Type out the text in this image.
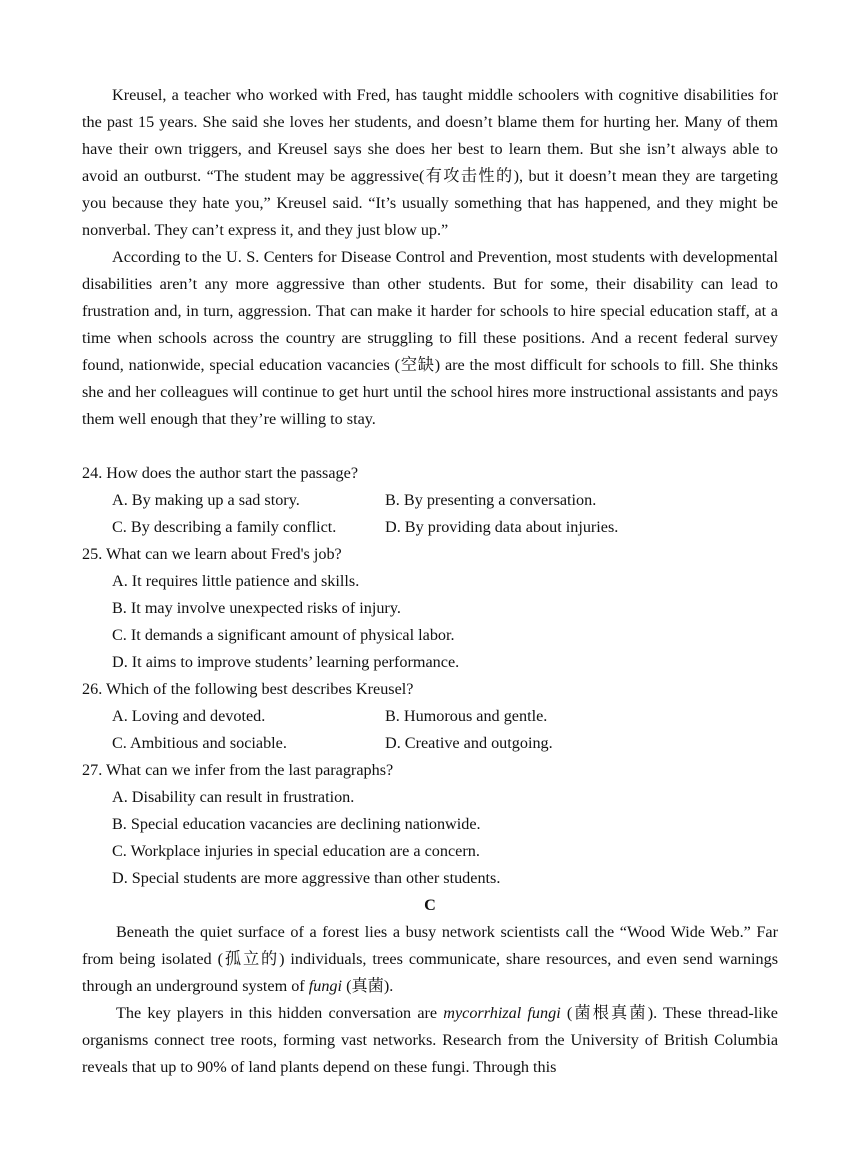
Kreusel, a teacher who worked with Fred, has taught middle schoolers with cognitive disabilities for the past 15 years. She said she loves her students, and doesn’t blame them for hurting her. Many of them have their own triggers, and Kreusel says she does her best to learn them. But she isn’t always able to avoid an outburst. “The student may be aggressive(有攻击性的), but it doesn’t mean they are targeting you because they hate you,” Kreusel said. “It’s usually something that has happened, and they might be nonverbal. They can’t express it, and they just blow up.”

According to the U. S. Centers for Disease Control and Prevention, most students with developmental disabilities aren’t any more aggressive than other students. But for some, their disability can lead to frustration and, in turn, aggression. That can make it harder for schools to hire special education staff, at a time when schools across the country are struggling to fill these positions. And a recent federal survey found, nationwide, special education vacancies (空缺) are the most difficult for schools to fill. She thinks she and her colleagues will continue to get hurt until the school hires more instructional assistants and pays them well enough that they’re willing to stay.

24. How does the author start the passage?
A. By making up a sad story.	B. By presenting a conversation.
C. By describing a family conflict.	D. By providing data about injuries.
25. What can we learn about Fred's job?
A. It requires little patience and skills.
B. It may involve unexpected risks of injury.
C. It demands a significant amount of physical labor.
D. It aims to improve students’ learning performance.
26. Which of the following best describes Kreusel?
A. Loving and devoted.	B. Humorous and gentle.
C. Ambitious and sociable.	D. Creative and outgoing.
27. What can we infer from the last paragraphs?
A. Disability can result in frustration.
B. Special education vacancies are declining nationwide.
C. Workplace injuries in special education are a concern.
D. Special students are more aggressive than other students.
C

Beneath the quiet surface of a forest lies a busy network scientists call the “Wood Wide Web.” Far from being isolated (孤立的) individuals, trees communicate, share resources, and even send warnings through an underground system of fungi (真菌).

The key players in this hidden conversation are mycorrhizal fungi (菌根真菌). These thread-like organisms connect tree roots, forming vast networks. Research from the University of British Columbia reveals that up to 90% of land plants depend on these fungi. Through this
